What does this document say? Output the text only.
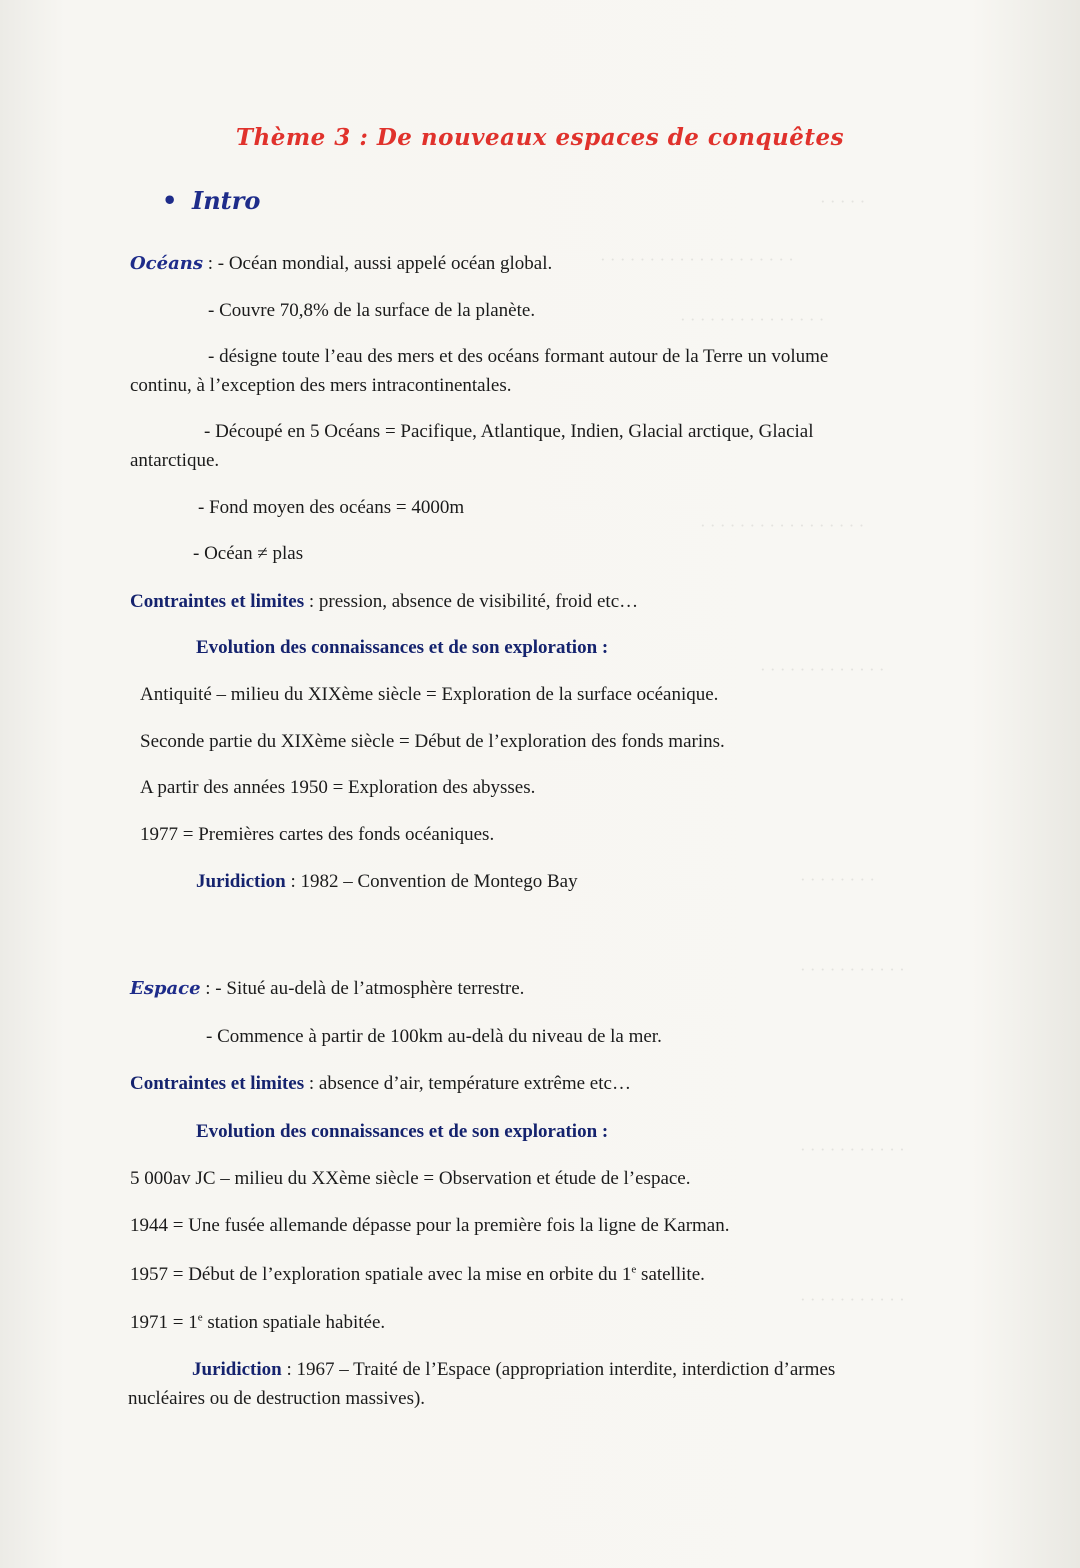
· · · · ·
· · · · · · · · · · · · · · · · · · · ·
· · · · · · · · · · · · · · ·
· · · · · · · · · · · · · · · · ·
· · · · · · · · · · · · ·
· · · · · · · ·
· · · · · · · · · · ·
· · · · · · · · · · ·
· · · · · · · · · · ·
Thème 3 : De nouveaux espaces de conquêtes
• Intro
Océans : - Océan mondial, aussi appelé océan global.
- Couvre 70,8% de la surface de la planète.
- désigne toute l’eau des mers et des océans formant autour de la Terre un volume
continu, à l’exception des mers intracontinentales.
- Découpé en 5 Océans = Pacifique, Atlantique, Indien, Glacial arctique, Glacial
antarctique.
- Fond moyen des océans = 4000m
- Océan ≠ plas
Contraintes et limites : pression, absence de visibilité, froid etc…
Evolution des connaissances et de son exploration :
Antiquité – milieu du XIXème siècle = Exploration de la surface océanique.
Seconde partie du XIXème siècle = Début de l’exploration des fonds marins.
A partir des années 1950 = Exploration des abysses.
1977 = Premières cartes des fonds océaniques.
Juridiction : 1982 – Convention de Montego Bay
Espace : - Situé au-delà de l’atmosphère terrestre.
- Commence à partir de 100km au-delà du niveau de la mer.
Contraintes et limites : absence d’air, température extrême etc…
Evolution des connaissances et de son exploration :
5 000av JC – milieu du XXème siècle = Observation et étude de l’espace.
1944 = Une fusée allemande dépasse pour la première fois la ligne de Karman.
1957 = Début de l’exploration spatiale avec la mise en orbite du 1e satellite.
$1971 = 1^e$ station spatiale habitée.
Juridiction : 1967 – Traité de l’Espace (appropriation interdite, interdiction d’armes
nucléaires ou de destruction massives).
